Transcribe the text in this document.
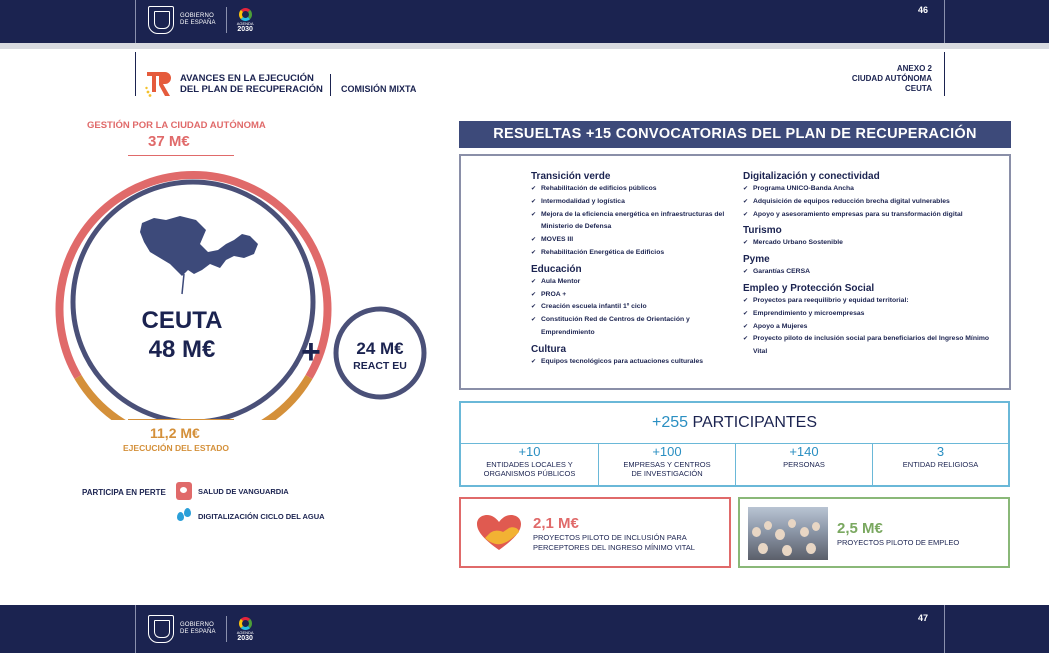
GOBIERNO
DE ESPAÑA	AGENDA
2030
46
AVANCES EN LA EJECUCIÓN
DEL PLAN DE RECUPERACIÓN COMISIÓN MIXTA
ANEXO 2
CIUDAD AUTÓNOMA
CEUTA
GESTIÓN POR LA CIUDAD AUTÓNOMA
37 M€
CEUTA
48 M€	+	24 M€
REACT EU
11,2 M€
EJECUCIÓN DEL ESTADO
PARTICIPA EN PERTE	SALUD DE VANGUARDIA
DIGITALIZACIÓN CICLO DEL AGUA
RESUELTAS +15 CONVOCATORIAS DEL PLAN DE RECUPERACIÓN
Transición verde
✔ Rehabilitación de edificios públicos
✔ Intermodalidad y logística
✔ Mejora de la eficiencia energética en infraestructuras del Ministerio de Defensa
✔ MOVES III
✔ Rehabilitación Energética de Edificios
Educación
✔ Aula Mentor
✔ PROA +
✔ Creación escuela infantil 1º ciclo
✔ Constitución Red de Centros de Orientación y Emprendimiento
Cultura
✔ Equipos tecnológicos para actuaciones culturales
Digitalización y conectividad
✔ Programa UNICO-Banda Ancha
✔ Adquisición de equipos reducción brecha digital vulnerables
✔ Apoyo y asesoramiento empresas para su transformación digital
Turismo
✔ Mercado Urbano Sostenible
Pyme
✔ Garantías CERSA
Empleo y Protección Social
✔ Proyectos para reequilibrio y equidad territorial:
✔ Emprendimiento y microempresas
✔ Apoyo a Mujeres
✔ Proyecto piloto de inclusión social para beneficiarios del Ingreso Mínimo Vital
+255 PARTICIPANTES
+10
ENTIDADES LOCALES Y
ORGANISMOS PÚBLICOS
+100
EMPRESAS Y CENTROS
DE INVESTIGACIÓN
+140
PERSONAS
3
ENTIDAD RELIGIOSA
2,1 M€
PROYECTOS PILOTO DE INCLUSIÓN PARA
PERCEPTORES DEL INGRESO MÍNIMO VITAL
2,5 M€
PROYECTOS PILOTO DE EMPLEO
GOBIERNO
DE ESPAÑA	AGENDA
2030
47
